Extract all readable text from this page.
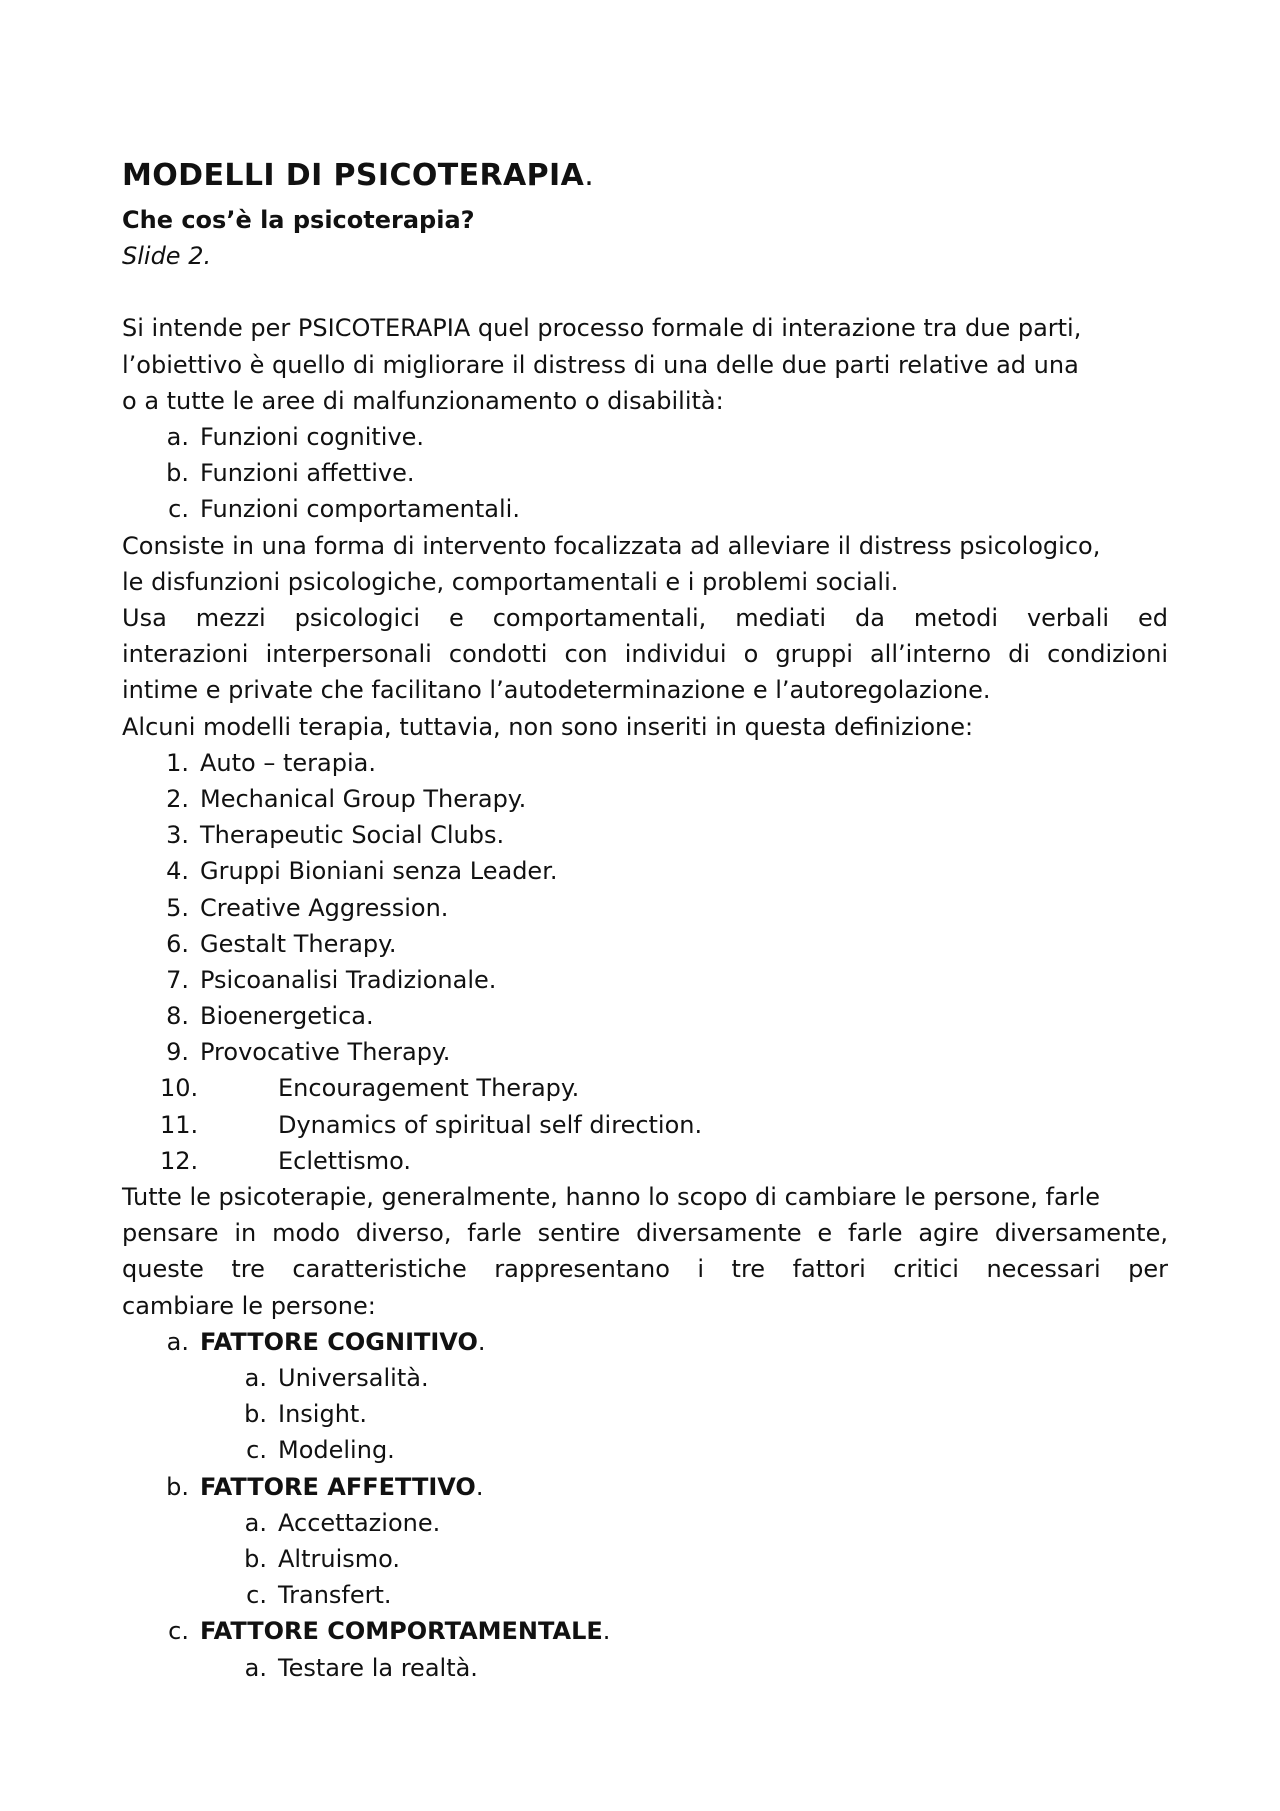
MODELLI DI PSICOTERAPIA.
Che cos’è la psicoterapia?
Slide 2.

Si intende per PSICOTERAPIA quel processo formale di interazione tra due parti,

l’obiettivo è quello di migliorare il distress di una delle due parti relative ad una

o a tutte le aree di malfunzionamento o disabilità:

a. Funzioni cognitive.
b. Funzioni affettive.
c. Funzioni comportamentali.

Consiste in una forma di intervento focalizzata ad alleviare il distress psicologico,

le disfunzioni psicologiche, comportamentali e i problemi sociali.

Usa mezzi psicologici e comportamentali, mediati da metodi verbali ed

interazioni interpersonali condotti con individui o gruppi all’interno di condizioni

intime e private che facilitano l’autodeterminazione e l’autoregolazione.

Alcuni modelli terapia, tuttavia, non sono inseriti in questa definizione:

1. Auto – terapia.
2. Mechanical Group Therapy.
3. Therapeutic Social Clubs.
4. Gruppi Bioniani senza Leader.
5. Creative Aggression.
6. Gestalt Therapy.
7. Psicoanalisi Tradizionale.
8. Bioenergetica.
9. Provocative Therapy.
10.	Encouragement Therapy.
11.	Dynamics of spiritual self direction.
12.	Eclettismo.

Tutte le psicoterapie, generalmente, hanno lo scopo di cambiare le persone, farle

pensare in modo diverso, farle sentire diversamente e farle agire diversamente,

queste tre caratteristiche rappresentano i tre fattori critici necessari per

cambiare le persone:

a. FATTORE COGNITIVO .
a. Universalità.
b. Insight.
c. Modeling.
b. FATTORE AFFETTIVO .
a. Accettazione.
b. Altruismo.
c. Transfert.
c. FATTORE COMPORTAMENTALE .
a. Testare la realtà.
